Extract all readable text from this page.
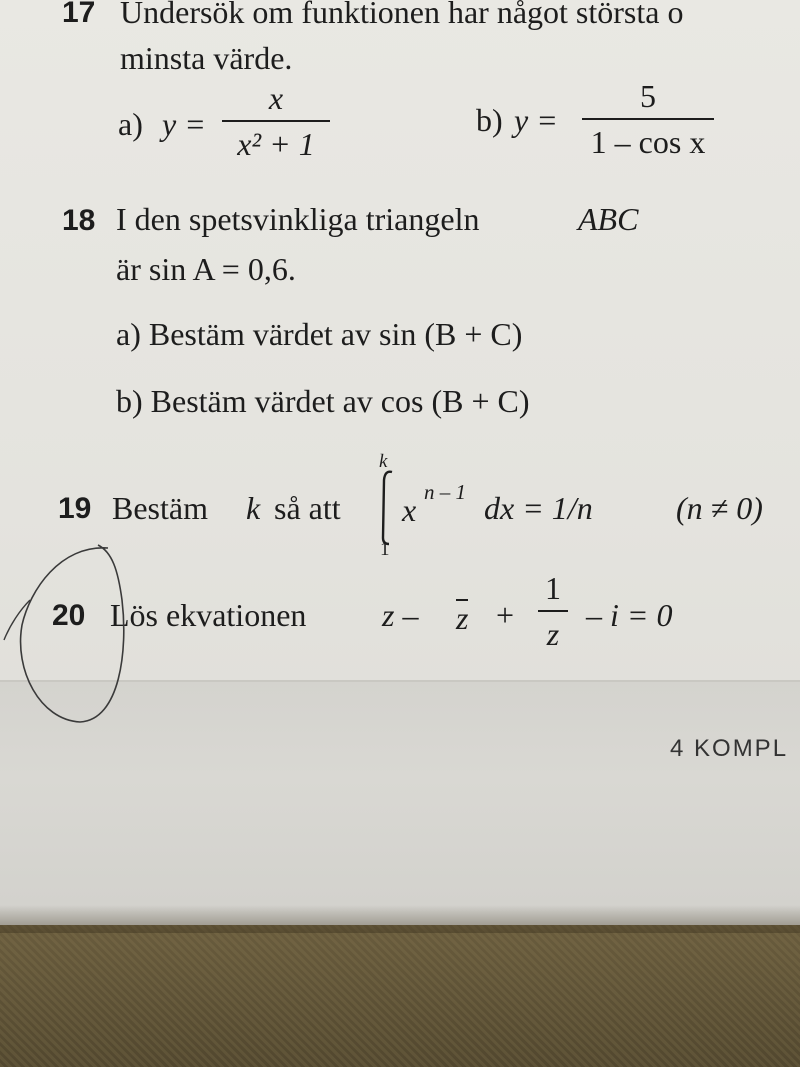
17 Undersök om funktionen har något största o
minsta värde.
a) y =
x
x² + 1
b) y =
5
1 – cos x
18 I den spetsvinkliga triangeln	ABC
är sin A = 0,6.
a) Bestäm värdet av sin (B + C)
b) Bestäm värdet av cos (B + C)
19 Bestäm k så att
k
1
x n – 1 dx = 1/n	(n ≠ 0)
20 Lös ekvationen z – z +
1
z
– i = 0
4 KOMPL
